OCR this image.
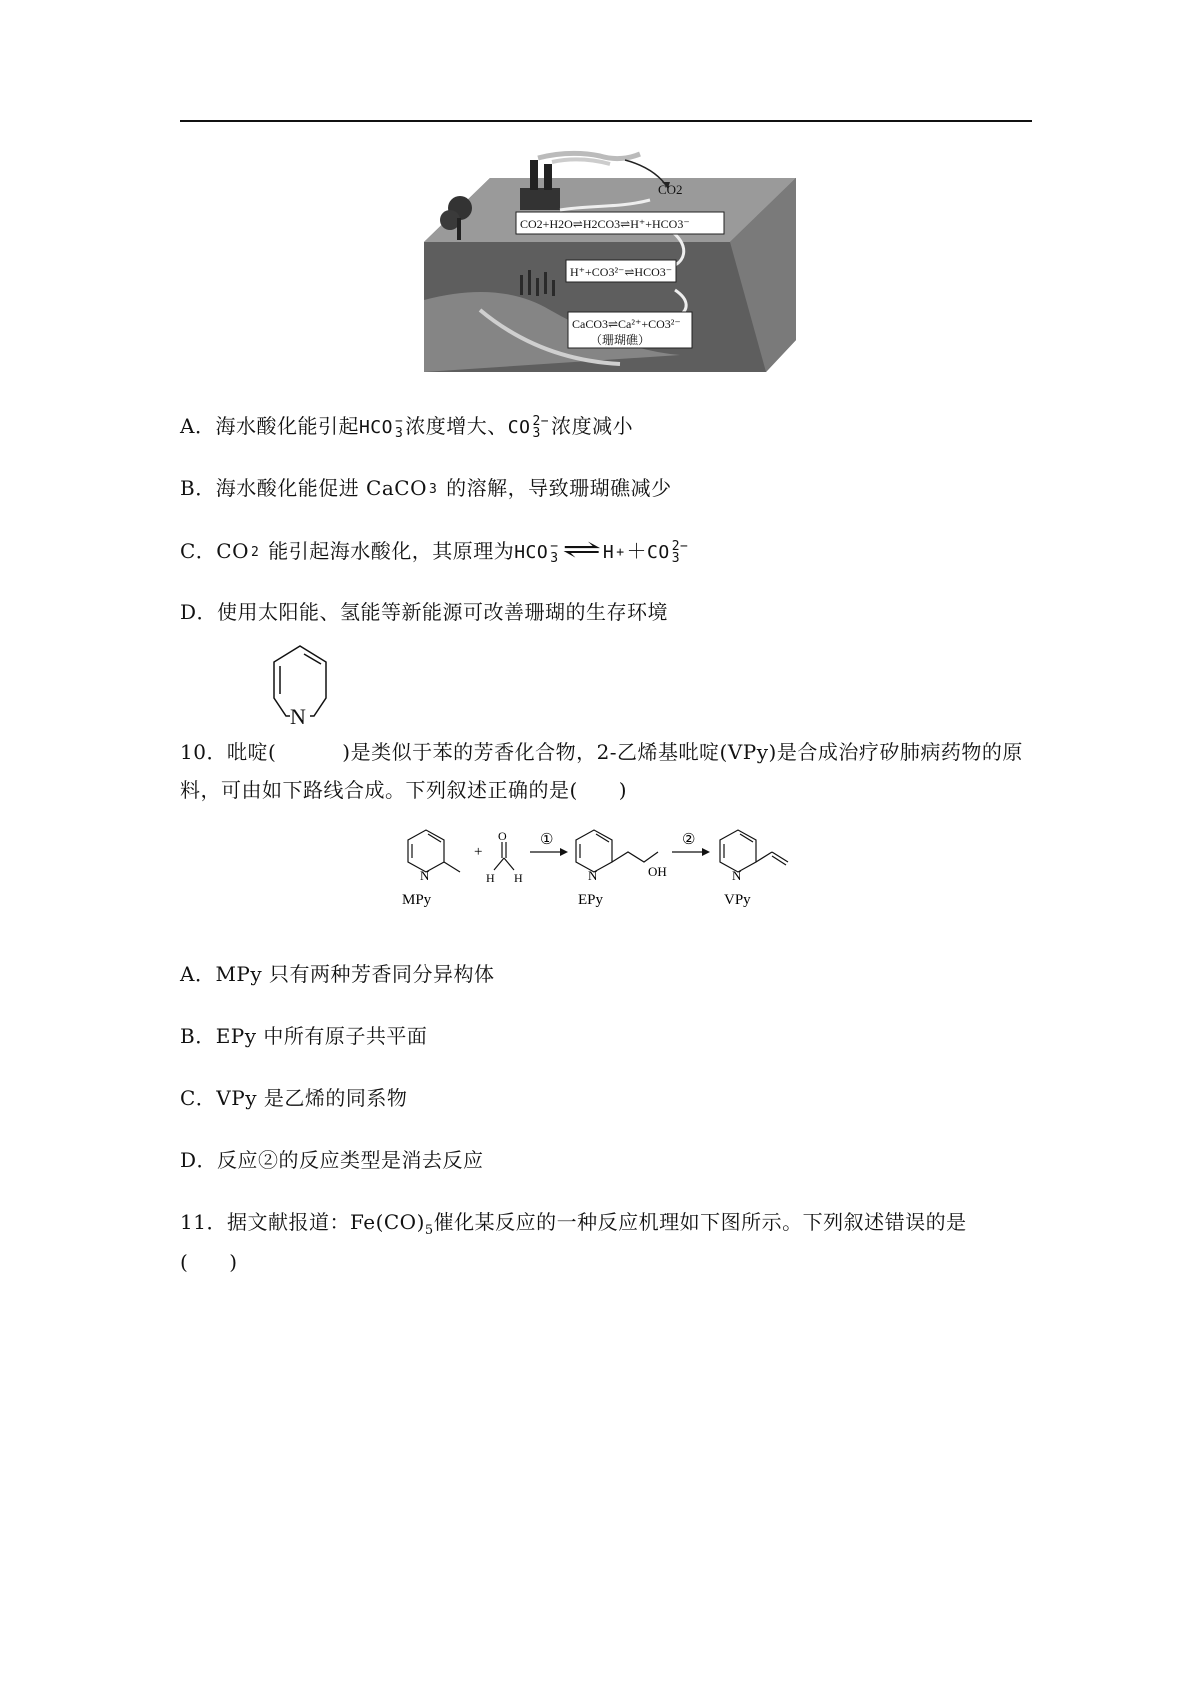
CO2
CO2+H2O⇌H2CO3⇌H⁺+HCO3⁻
H⁺+CO3²⁻⇌HCO3⁻
CaCO3⇌Ca²⁺+CO3²⁻
（珊瑚礁）
A．海水酸化能引起HCO −
3 浓度增大、CO 2−
3 浓度减小
B．海水酸化能促进 CaCO 3 的溶解，导致珊瑚礁减少
C．CO 2 能引起海水酸化，其原理为HCO −
3 ⇌H + ＋CO 2−
3
D．使用太阳能、氢能等新能源可改善珊瑚的生存环境
N
10．吡啶(	)是类似于苯的芳香化合物，2-乙烯基吡啶(VPy)是合成治疗矽肺病药物的原
料，可由如下路线合成。下列叙述正确的是(　　)
N
MPy
+
O
H H
①
N	OH
EPy
②
N
VPy
A．MPy 只有两种芳香同分异构体
B．EPy 中所有原子共平面
C．VPy 是乙烯的同系物
D．反应②的反应类型是消去反应
11．据文献报道：$Fe(CO)_5$催化某反应的一种反应机理如下图所示。下列叙述错误的是
(　　)
